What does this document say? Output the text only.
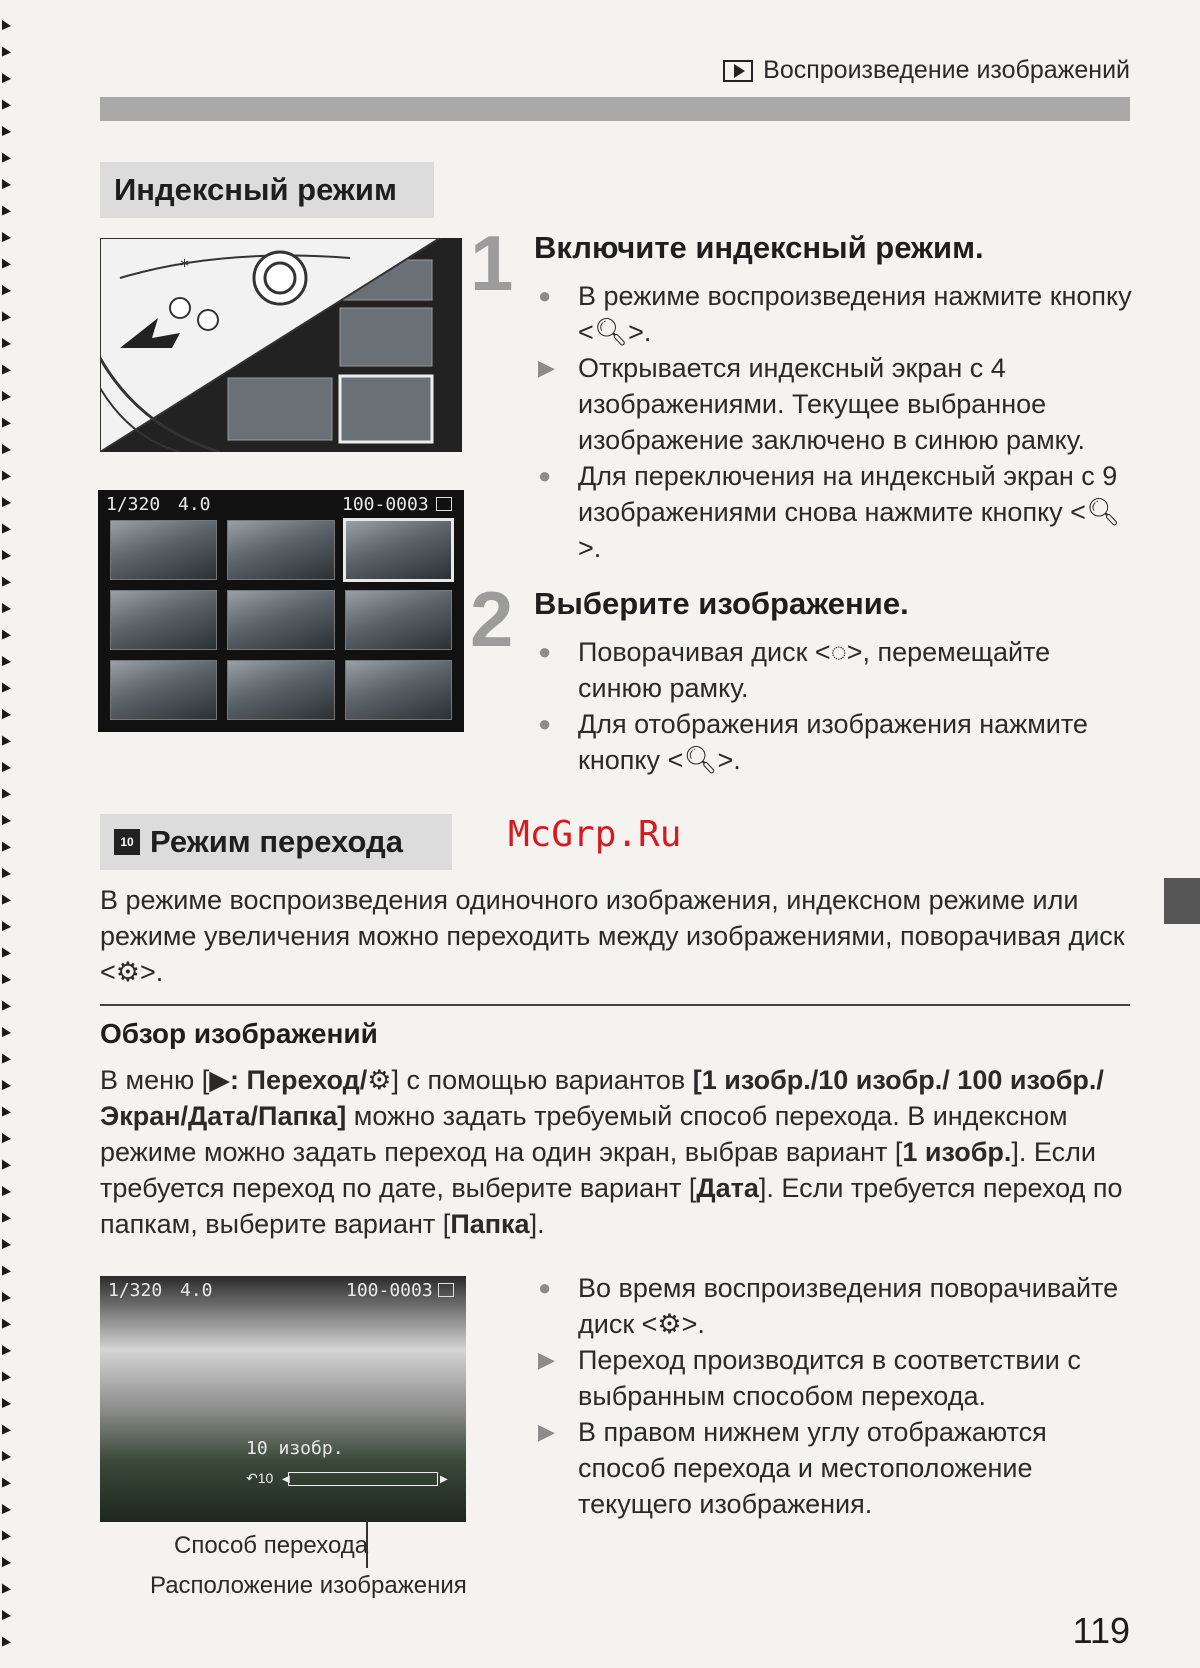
Воспроизведение изображений
Индексный режим
*	1
1/320 4.0	100-0003
2
Включите индексный режим.
● В режиме воспроизведения нажмите кнопку <🔍︎>.
▶ Открывается индексный экран с 4 изображениями. Текущее выбранное изображение заключено в синюю рамку.
● Для переключения на индексный экран с 9 изображениями снова нажмите кнопку <🔍︎>.
Выберите изображение.
● Поворачивая диск <◌>, перемещайте синюю рамку.
● Для отображения изображения нажмите кнопку <🔍︎>.
10 Режим перехода	McGrp.Ru
В режиме воспроизведения одиночного изображения, индексном режиме или режиме увеличения можно переходить между изображениями, поворачивая диск <⚙>.
Обзор изображений
В меню [▶: Переход/⚙] с помощью вариантов [1 изобр./10 изобр./ 100 изобр./Экран/Дата/Папка] можно задать требуемый способ перехода. В индексном режиме можно задать переход на один экран, выбрав вариант [1 изобр.]. Если требуется переход по дате, выберите вариант [Дата]. Если требуется переход по папкам, выберите вариант [Папка].
1/320 4.0	100-0003
10 изобр.
↶10 ◀	▶
Способ перехода
Расположение изображения
● Во время воспроизведения поворачивайте диск <⚙>.
▶ Переход производится в соответствии с выбранным способом перехода.
▶ В правом нижнем углу отображаются способ перехода и местоположение текущего изображения.
119
